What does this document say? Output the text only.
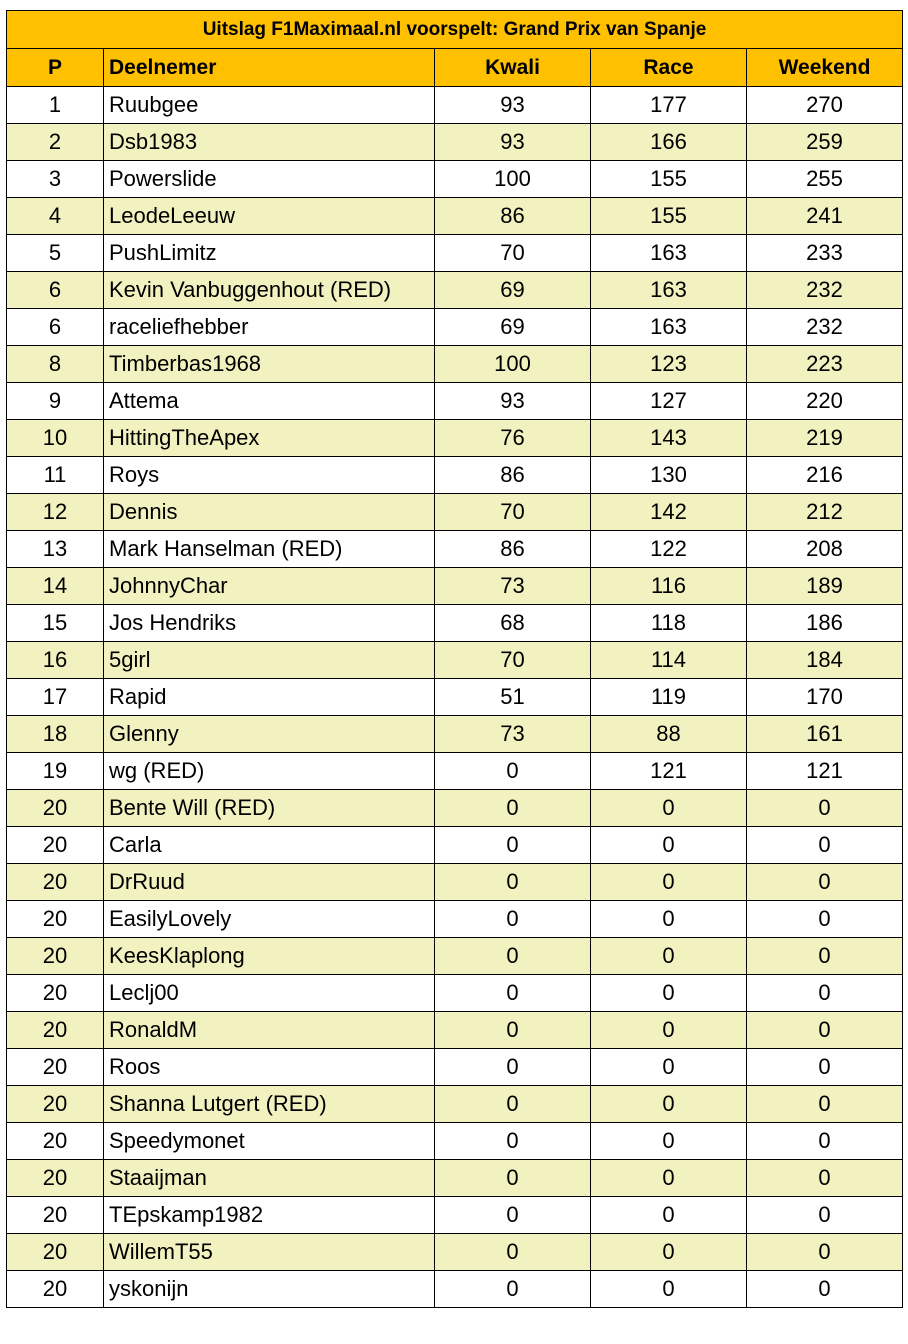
Uitslag F1Maximaal.nl voorspelt: Grand Prix van Spanje				
P	Deelnemer	Kwali	Race	Weekend
1	Ruubgee	93	177	270
2	Dsb1983	93	166	259
3	Powerslide	100	155	255
4	LeodeLeeuw	86	155	241
5	PushLimitz	70	163	233
6	Kevin Vanbuggenhout (RED)	69	163	232
6	raceliefhebber	69	163	232
8	Timberbas1968	100	123	223
9	Attema	93	127	220
10	HittingTheApex	76	143	219
11	Roys	86	130	216
12	Dennis	70	142	212
13	Mark Hanselman (RED)	86	122	208
14	JohnnyChar	73	116	189
15	Jos Hendriks	68	118	186
16	5girl	70	114	184
17	Rapid	51	119	170
18	Glenny	73	88	161
19	wg (RED)	0	121	121
20	Bente Will (RED)	0	0	0
20	Carla	0	0	0
20	DrRuud	0	0	0
20	EasilyLovely	0	0	0
20	KeesKlaplong	0	0	0
20	Leclj00	0	0	0
20	RonaldM	0	0	0
20	Roos	0	0	0
20	Shanna Lutgert (RED)	0	0	0
20	Speedymonet	0	0	0
20	Staaijman	0	0	0
20	TEpskamp1982	0	0	0
20	WillemT55	0	0	0
20	yskonijn	0	0	0
